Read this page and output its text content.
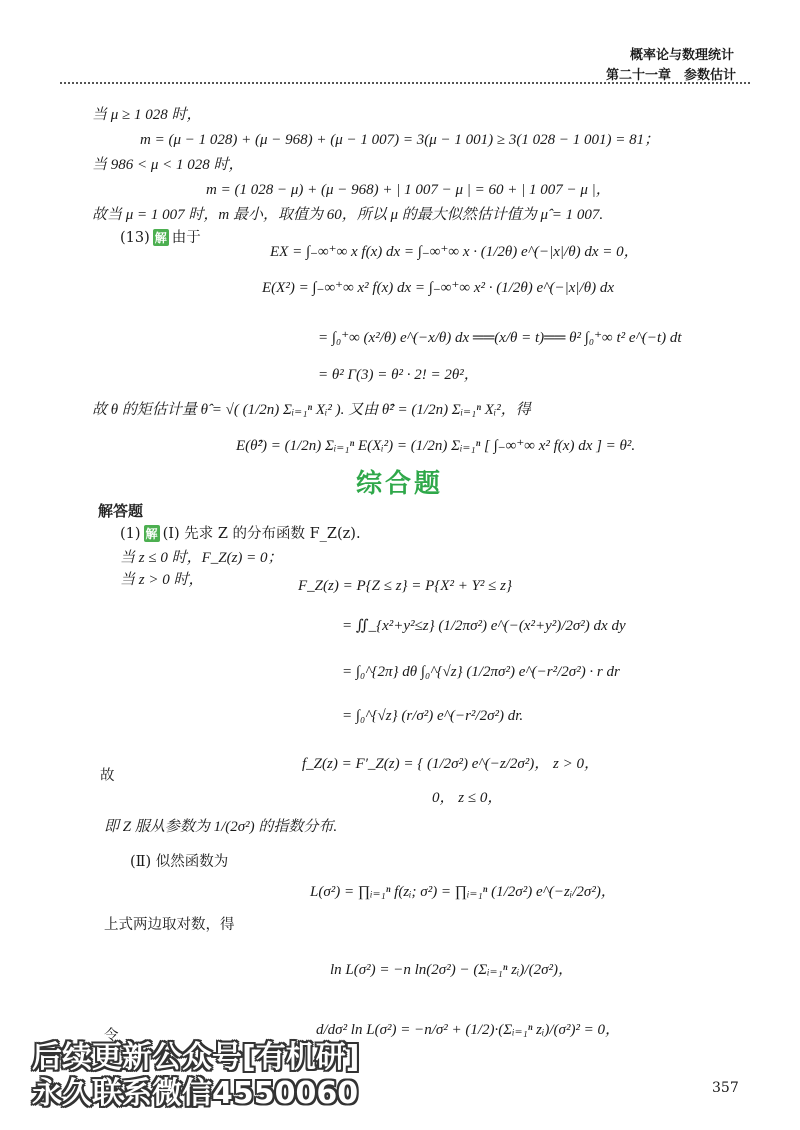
概率论与数理统计
第二十一章　参数估计
当 μ ≥ 1 028 时，
m = (μ − 1 028) + (μ − 968) + (μ − 1 007) = 3(μ − 1 001) ≥ 3(1 028 − 1 001) = 81；
当 986 < μ < 1 028 时，
m = (1 028 − μ) + (μ − 968) + | 1 007 − μ | = 60 + | 1 007 − μ |，
故当 μ = 1 007 时，m 最小，取值为 60，所以 μ 的最大似然估计值为 μ̂ = 1 007.
(13) 解 由于
EX = ∫₋∞⁺∞ x f(x) dx = ∫₋∞⁺∞ x · (1/2θ) e^(−|x|/θ) dx = 0，
E(X²) = ∫₋∞⁺∞ x² f(x) dx = ∫₋∞⁺∞ x² · (1/2θ) e^(−|x|/θ) dx
= ∫₀⁺∞ (x²/θ) e^(−x/θ) dx ══(x/θ = t)══ θ² ∫₀⁺∞ t² e^(−t) dt
= θ² Γ(3) = θ² · 2! = 2θ²，
故 θ 的矩估计量 θ̂ = √( (1/2n) Σᵢ₌₁ⁿ Xᵢ² ). 又由 θ̂² = (1/2n) Σᵢ₌₁ⁿ Xᵢ²，得
E(θ̂²) = (1/2n) Σᵢ₌₁ⁿ E(Xᵢ²) = (1/2n) Σᵢ₌₁ⁿ [ ∫₋∞⁺∞ x² f(x) dx ] = θ².
综合题
解答题
(1) 解 (Ⅰ) 先求 Z 的分布函数 F_Z(z).
当 z ≤ 0 时，F_Z(z) = 0；
当 z > 0 时，	F_Z(z) = P{Z ≤ z} = P{X² + Y² ≤ z}
= ∬_{x²+y²≤z} (1/2πσ²) e^(−(x²+y²)/2σ²) dx dy
= ∫₀^{2π} dθ ∫₀^{√z} (1/2πσ²) e^(−r²/2σ²) · r dr
= ∫₀^{√z} (r/σ²) e^(−r²/2σ²) dr.
故
f_Z(z) = F′_Z(z) = { (1/2σ²) e^(−z/2σ²)， z > 0，
0， z ≤ 0，
即 Z 服从参数为 1/(2σ²) 的指数分布.
(Ⅱ) 似然函数为
L(σ²) = ∏ᵢ₌₁ⁿ f(zᵢ; σ²) = ∏ᵢ₌₁ⁿ (1/2σ²) e^(−zᵢ/2σ²)，
上式两边取对数，得
ln L(σ²) = −n ln(2σ²) − (Σᵢ₌₁ⁿ zᵢ)/(2σ²)，
令	d/dσ² ln L(σ²) = −n/σ² + (1/2)·(Σᵢ₌₁ⁿ zᵢ)/(σ²)² = 0，
后续更新公众号[有机研]
永久联系微信4550060	357
